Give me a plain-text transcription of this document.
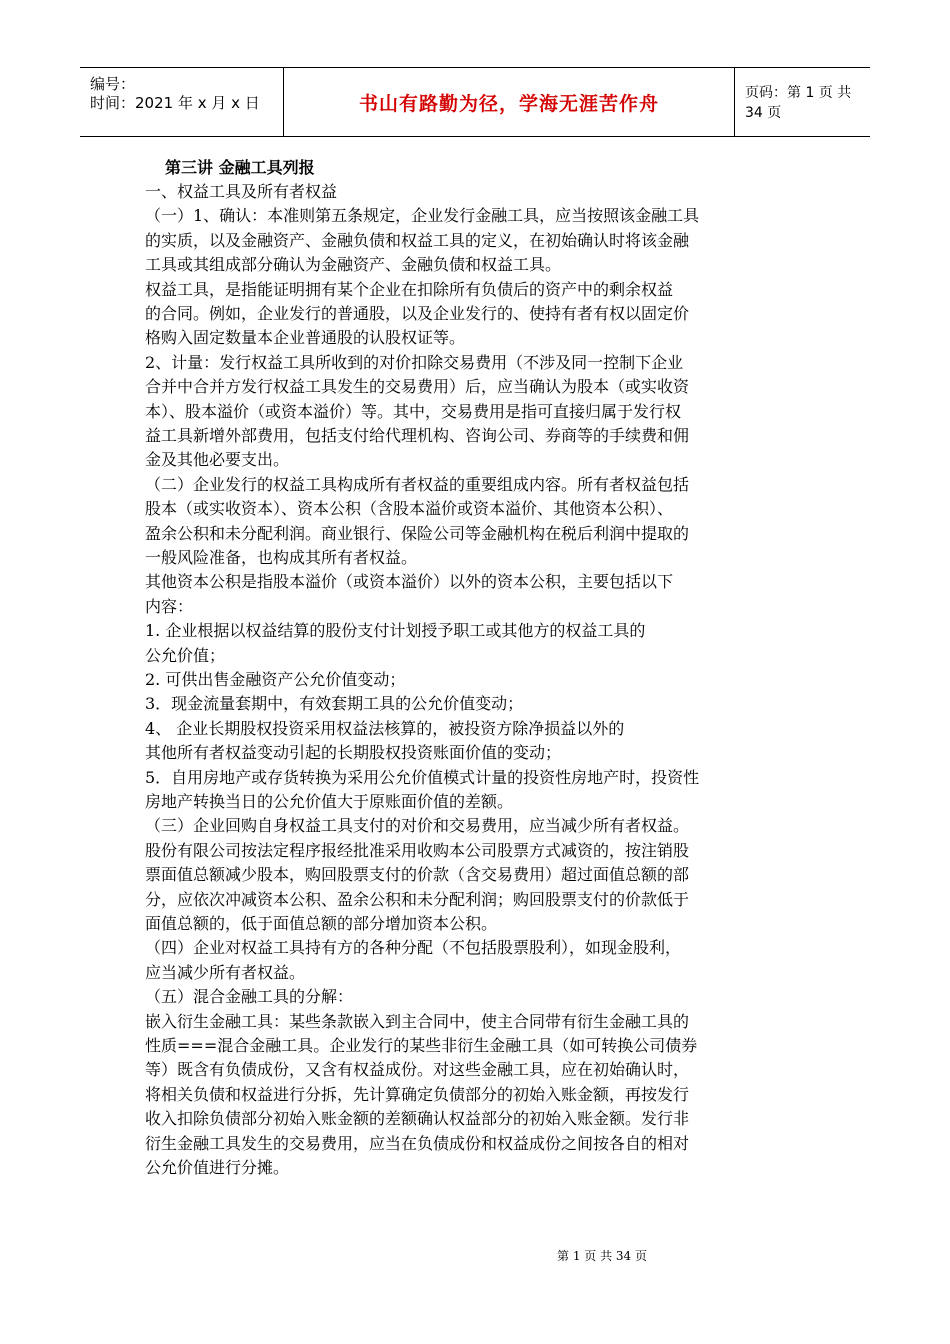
编号：
时间：2021 年 x 月 x 日	书山有路勤为径，学海无涯苦作舟	页码：第 1 页 共 34 页
第三讲 金融工具列报
一、权益工具及所有者权益
（一）1、确认：本准则第五条规定，企业发行金融工具，应当按照该金融工具
的实质，以及金融资产、金融负债和权益工具的定义，在初始确认时将该金融
工具或其组成部分确认为金融资产、金融负债和权益工具。
权益工具，是指能证明拥有某个企业在扣除所有负债后的资产中的剩余权益
的合同。例如，企业发行的普通股，以及企业发行的、使持有者有权以固定价
格购入固定数量本企业普通股的认股权证等。
2、计量：发行权益工具所收到的对价扣除交易费用（不涉及同一控制下企业
合并中合并方发行权益工具发生的交易费用）后，应当确认为股本（或实收资
本）、股本溢价（或资本溢价）等。其中，交易费用是指可直接归属于发行权
益工具新增外部费用，包括支付给代理机构、咨询公司、券商等的手续费和佣
金及其他必要支出。
（二）企业发行的权益工具构成所有者权益的重要组成内容。所有者权益包括
股本（或实收资本）、资本公积（含股本溢价或资本溢价、其他资本公积）、
盈余公积和未分配利润。商业银行、保险公司等金融机构在税后利润中提取的
一般风险准备，也构成其所有者权益。
其他资本公积是指股本溢价（或资本溢价）以外的资本公积，主要包括以下
内容：
1. 企业根据以权益结算的股份支付计划授予职工或其他方的权益工具的
公允价值；
2. 可供出售金融资产公允价值变动；
3．现金流量套期中，有效套期工具的公允价值变动；
4、 企业长期股权投资采用权益法核算的，被投资方除净损益以外的
其他所有者权益变动引起的长期股权投资账面价值的变动；
5．自用房地产或存货转换为采用公允价值模式计量的投资性房地产时，投资性
房地产转换当日的公允价值大于原账面价值的差额。
（三）企业回购自身权益工具支付的对价和交易费用，应当减少所有者权益。
股份有限公司按法定程序报经批准采用收购本公司股票方式减资的，按注销股
票面值总额减少股本，购回股票支付的价款（含交易费用）超过面值总额的部
分，应依次冲减资本公积、盈余公积和未分配利润；购回股票支付的价款低于
面值总额的，低于面值总额的部分增加资本公积。
（四）企业对权益工具持有方的各种分配（不包括股票股利），如现金股利，
应当减少所有者权益。
（五）混合金融工具的分解：
嵌入衍生金融工具：某些条款嵌入到主合同中，使主合同带有衍生金融工具的
性质===混合金融工具。企业发行的某些非衍生金融工具（如可转换公司债券
等）既含有负债成份，又含有权益成份。对这些金融工具，应在初始确认时，
将相关负债和权益进行分拆，先计算确定负债部分的初始入账金额，再按发行
收入扣除负债部分初始入账金额的差额确认权益部分的初始入账金额。发行非
衍生金融工具发生的交易费用，应当在负债成份和权益成份之间按各自的相对
公允价值进行分摊。
第 1 页 共 34 页
